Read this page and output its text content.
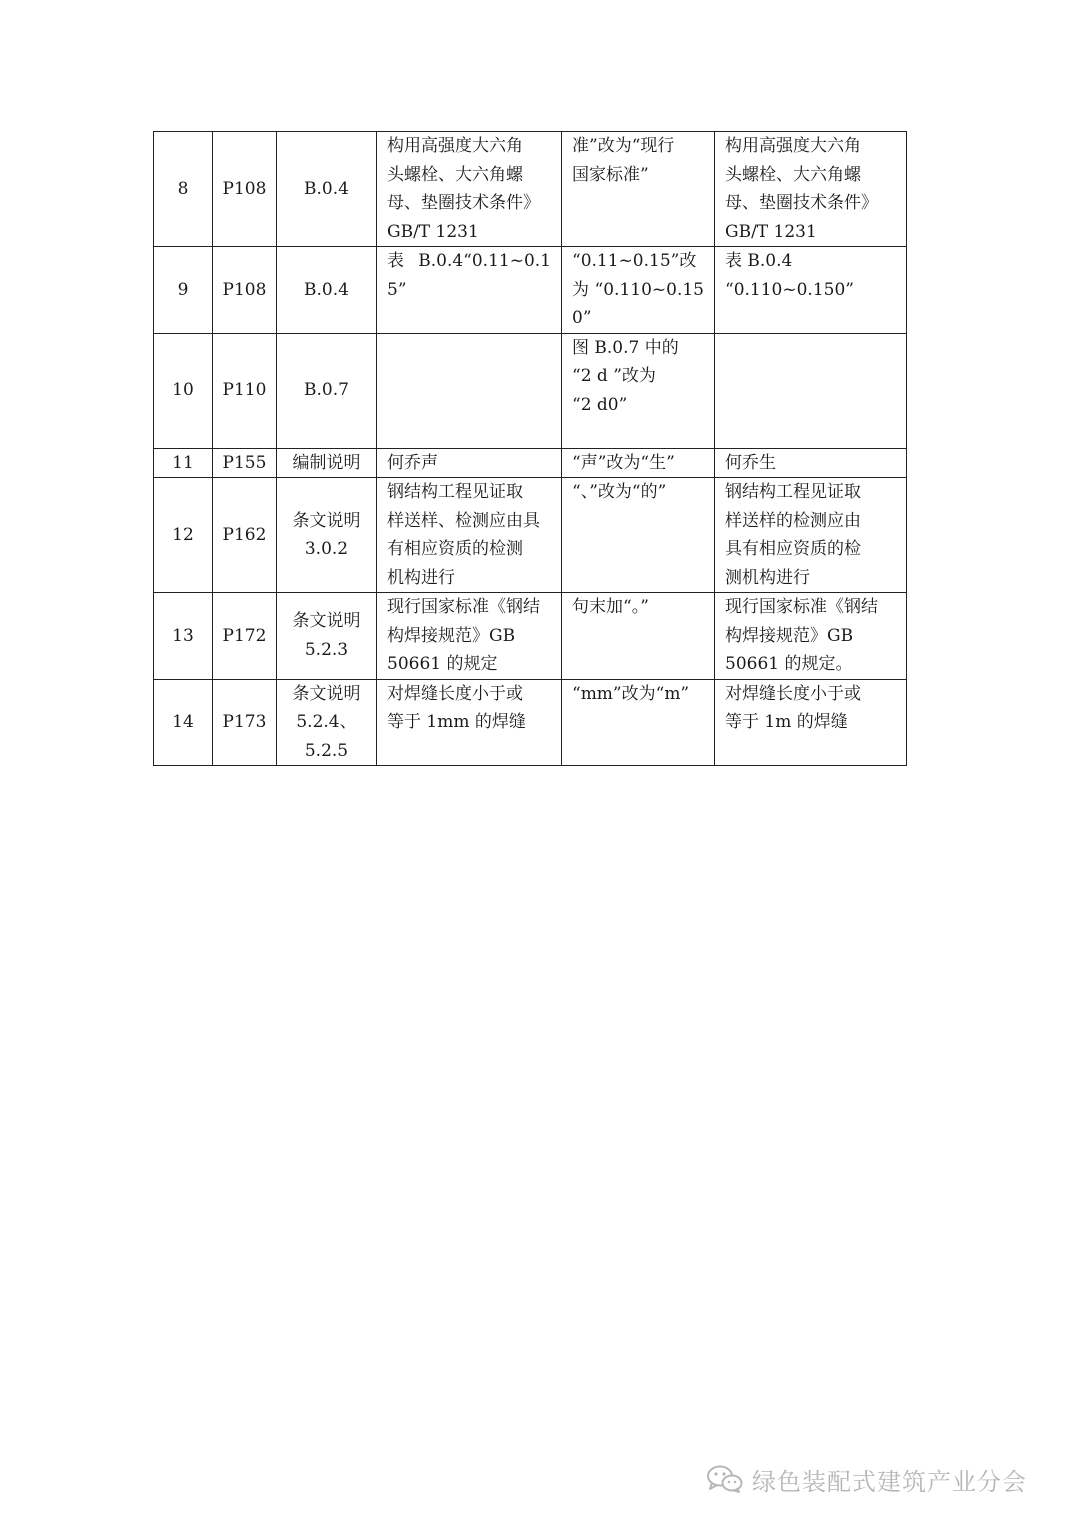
8	P108	B.0.4	构用高强度大六角
头螺栓、大六角螺
母、垫圈技术条件》
GB/T 1231	准”改为“现行
国家标准”	构用高强度大六角
头螺栓、大六角螺
母、垫圈技术条件》
GB/T 1231

9	P108	B.0.4	表 B.0.4“0.11~0.15”	“0.11~0.15”改
为“0.110~0.150”	表 B.0.4
“0.110~0.150”

10	P110	B.0.7		图 B.0.7 中的
“2 d ”改为
“2 d0”	

11	P155	编制说明	何乔声	“声”改为“生”	何乔生

12	P162	条文说明
3.0.2	钢结构工程见证取
样送样、检测应由具
有相应资质的检测
机构进行	“、”改为“的”	钢结构工程见证取
样送样的检测应由
具有相应资质的检
测机构进行

13	P172	条文说明
5.2.3	现行国家标准《钢结
构焊接规范》GB
50661 的规定	句末加“。”	现行国家标准《钢结
构焊接规范》GB
50661 的规定。

14	P173	条文说明
5.2.4、
5.2.5	对焊缝长度小于或
等于 1mm 的焊缝	“mm”改为“m”	对焊缝长度小于或
等于 1m 的焊缝
绿色装配式建筑产业分会
